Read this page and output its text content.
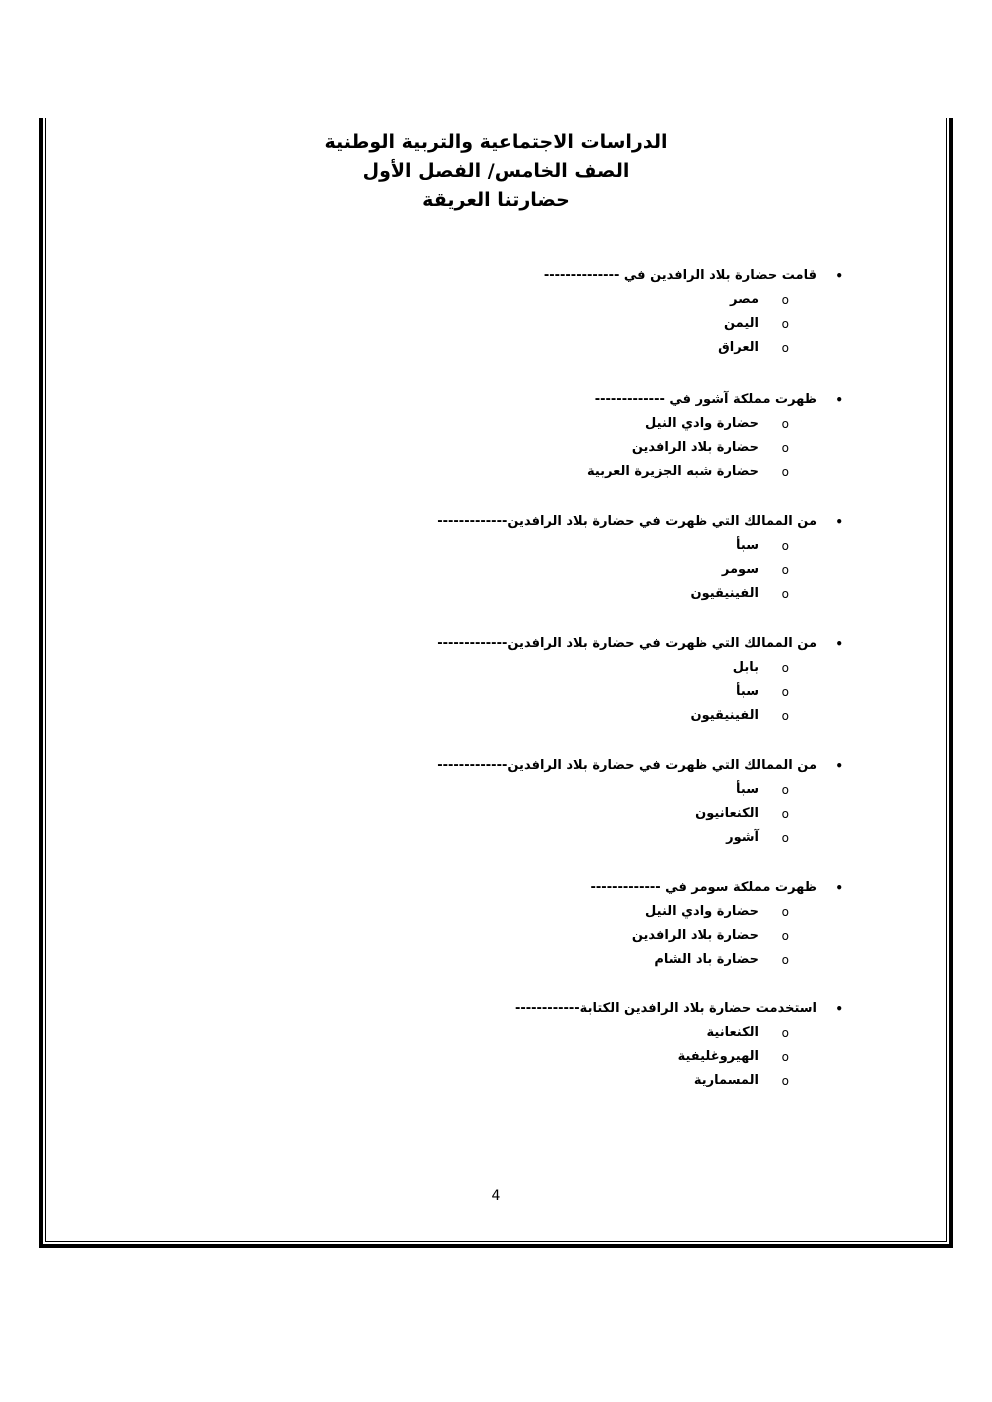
الدراسات الاجتماعية والتربية الوطنية
الصف الخامس/ الفصل الأول
حضارتنا العريقة
•
قامت حضارة بلاد الرافدين في --------------
o
مصر
o
اليمن
o
العراق
•
ظهرت مملكة آشور في -------------
o
حضارة وادي النيل
o
حضارة بلاد الرافدين
o
حضارة شبه الجزيرة العربية
•
من الممالك التي ظهرت في حضارة بلاد الرافدين-------------
o
سبأ
o
سومر
o
الفينيقيون
•
من الممالك التي ظهرت في حضارة بلاد الرافدين-------------
o
بابل
o
سبأ
o
الفينيقيون
•
من الممالك التي ظهرت في حضارة بلاد الرافدين-------------
o
سبأ
o
الكنعانيون
o
آشور
•
ظهرت مملكة سومر في -------------
o
حضارة وادي النيل
o
حضارة بلاد الرافدين
o
حضارة باد الشام
•
استخدمت حضارة بلاد الرافدين الكتابة------------
o
الكنعانية
o
الهيروغليفية
o
المسمارية
4
